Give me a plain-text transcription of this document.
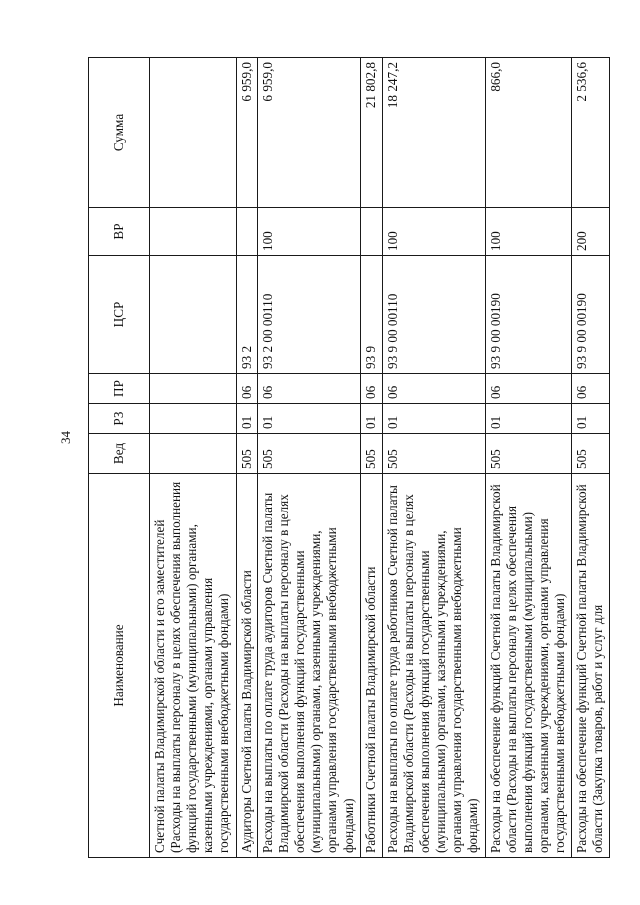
34
Наименование	Вед	РЗ	ПР	ЦСР	ВР	Сумма
Счетной палаты Владимирской области и его заместителей (Расходы на выплаты персоналу в целях обеспечения выполнения функций государственными (муниципальными) органами, казенными учреждениями, органами управления государственными внебюджетными фондами)						
Аудиторы Счетной палаты Владимирской области	505	01	06	93 2		6 959,0
Расходы на выплаты по оплате труда аудиторов Счетной палаты Владимирской области (Расходы на выплаты персоналу в целях обеспечения выполнения функций государственными (муниципальными) органами, казенными учреждениями, органами управления государственными внебюджетными фондами)	505	01	06	93 2 00 00110	100	6 959,0
Работники Счетной палаты Владимирской области	505	01	06	93 9		21 802,8
Расходы на выплаты по оплате труда работников Счетной палаты Владимирской области (Расходы на выплаты персоналу в целях обеспечения выполнения функций государственными (муниципальными) органами, казенными учреждениями, органами управления государственными внебюджетными фондами)	505	01	06	93 9 00 00110	100	18 247,2
Расходы на обеспечение функций Счетной палаты Владимирской области (Расходы на выплаты персоналу в целях обеспечения выполнения функций государственными (муниципальными) органами, казенными учреждениями, органами управления государственными внебюджетными фондами)	505	01	06	93 9 00 00190	100	866,0
Расходы на обеспечение функций Счетной палаты Владимирской области (Закупка товаров, работ и услуг для	505	01	06	93 9 00 00190	200	2 536,6
